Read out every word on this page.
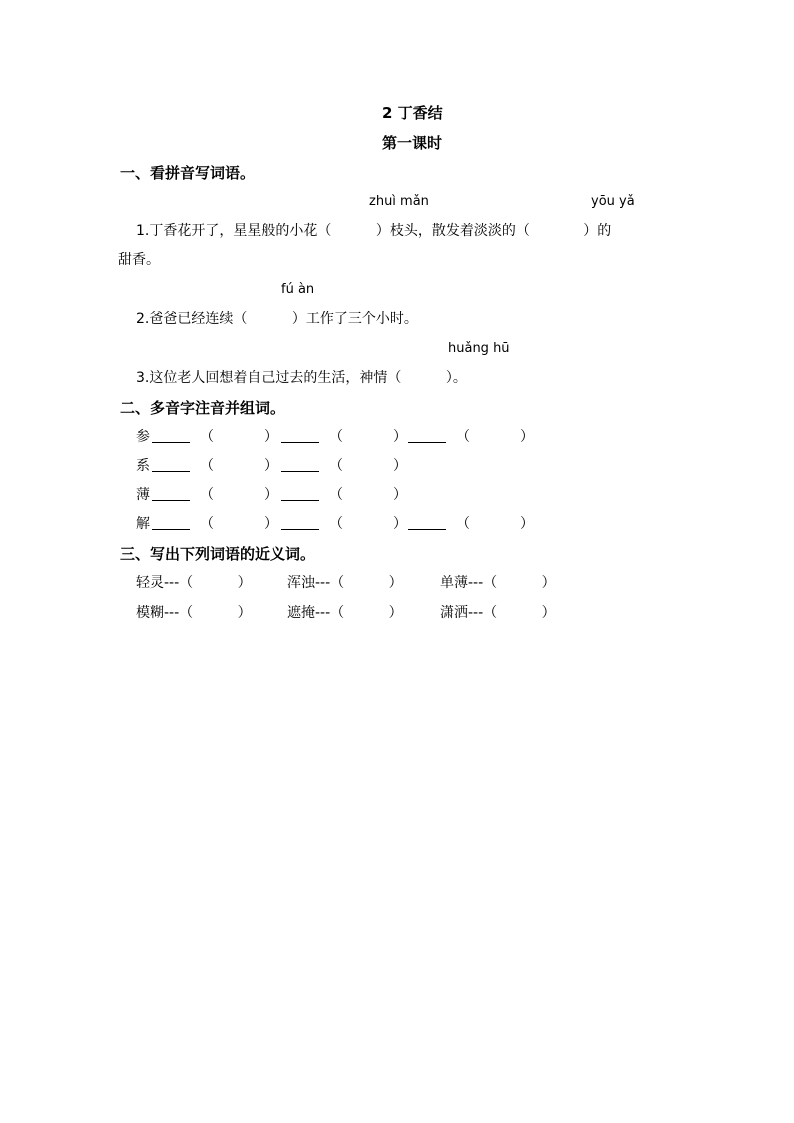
2 丁香结
第一课时
一、看拼音写词语。
zhuì mǎn	yōu yǎ
1.丁香花开了，星星般的小花（          ）枝头，散发着淡淡的（            ）的
甜香。
fú àn
2.爸爸已经连续（          ）工作了三个小时。
huǎng hū
3.这位老人回想着自己过去的生活，神情（          ）。
二、多音字注音并组词。
参	（	）	（	）	（	）
系	（	）	（	）
薄	（	）	（	）
解	（	）	（	）	（	）
三、写出下列词语的近义词。
轻灵---（          ）	浑浊---（          ）	单薄---（          ）
模糊---（          ）	遮掩---（          ）	潇洒---（          ）
